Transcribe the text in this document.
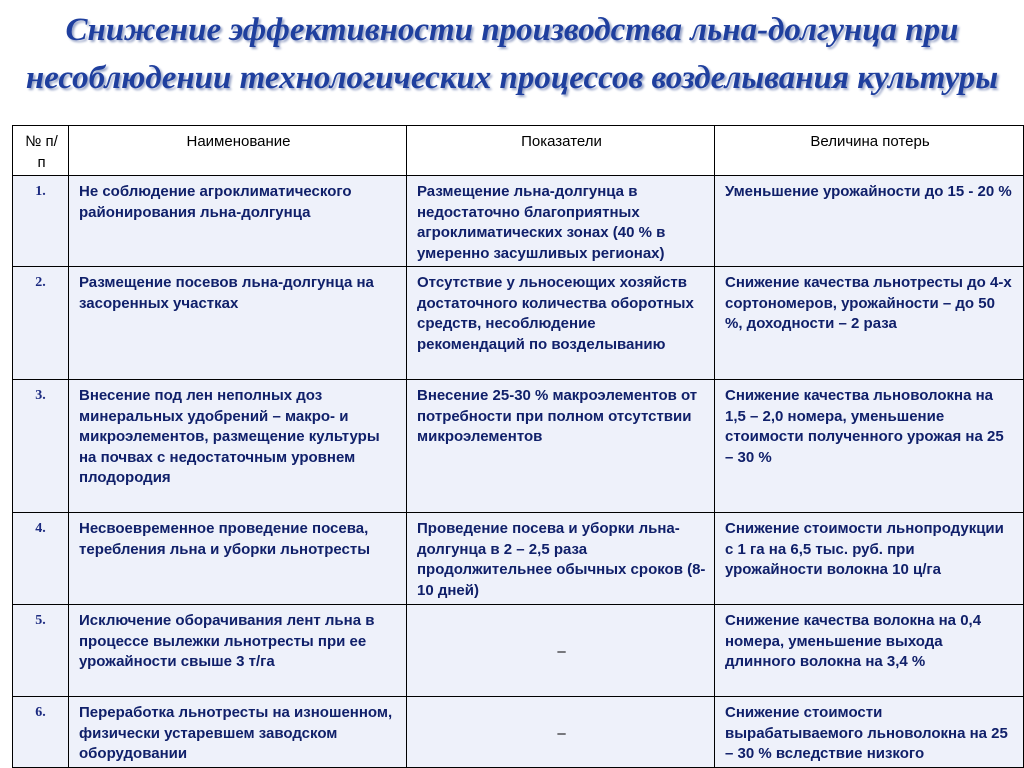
Снижение эффективности производства льна-долгунца при
несоблюдении технологических процессов возделывания культуры
№ п/п	Наименование	Показатели	Величина потерь
1.	Не соблюдение агроклиматического районирования льна-долгунца	Размещение льна-долгунца в недостаточно благоприятных агроклиматических зонах (40 % в умеренно засушливых регионах)	Уменьшение урожайности до 15 - 20 %
2.	Размещение посевов льна-долгунца на засоренных участках	Отсутствие у льносеющих хозяйств достаточного количества оборотных средств, несоблюдение рекомендаций по возделыванию	Снижение качества льнотресты до 4-х сортономеров, урожайности – до 50 %, доходности – 2 раза
3.	Внесение под лен неполных доз минеральных удобрений – макро- и микроэлементов, размещение культуры на почвах с недостаточным уровнем плодородия	Внесение 25-30 % макроэлементов от потребности при полном отсутствии микроэлементов	Снижение качества льноволокна на 1,5 – 2,0 номера, уменьшение стоимости полученного урожая на 25 – 30 %
4.	Несвоевременное проведение посева, теребления льна и уборки льнотресты	Проведение посева и уборки льна-долгунца в 2 – 2,5 раза продолжительнее обычных сроков (8-10 дней)	Снижение стоимости льнопродукции с 1 га на 6,5 тыс. руб. при урожайности волокна 10 ц/га
5.	Исключение оборачивания лент льна в процессе вылежки льнотресты при ее урожайности свыше 3 т/га	–	Снижение качества волокна на 0,4 номера, уменьшение выхода длинного волокна на 3,4 %
6.	Переработка льнотресты на изношенном, физически устаревшем заводском оборудовании	–	Снижение стоимости вырабатываемого льноволокна на 25 – 30 % вследствие низкого
